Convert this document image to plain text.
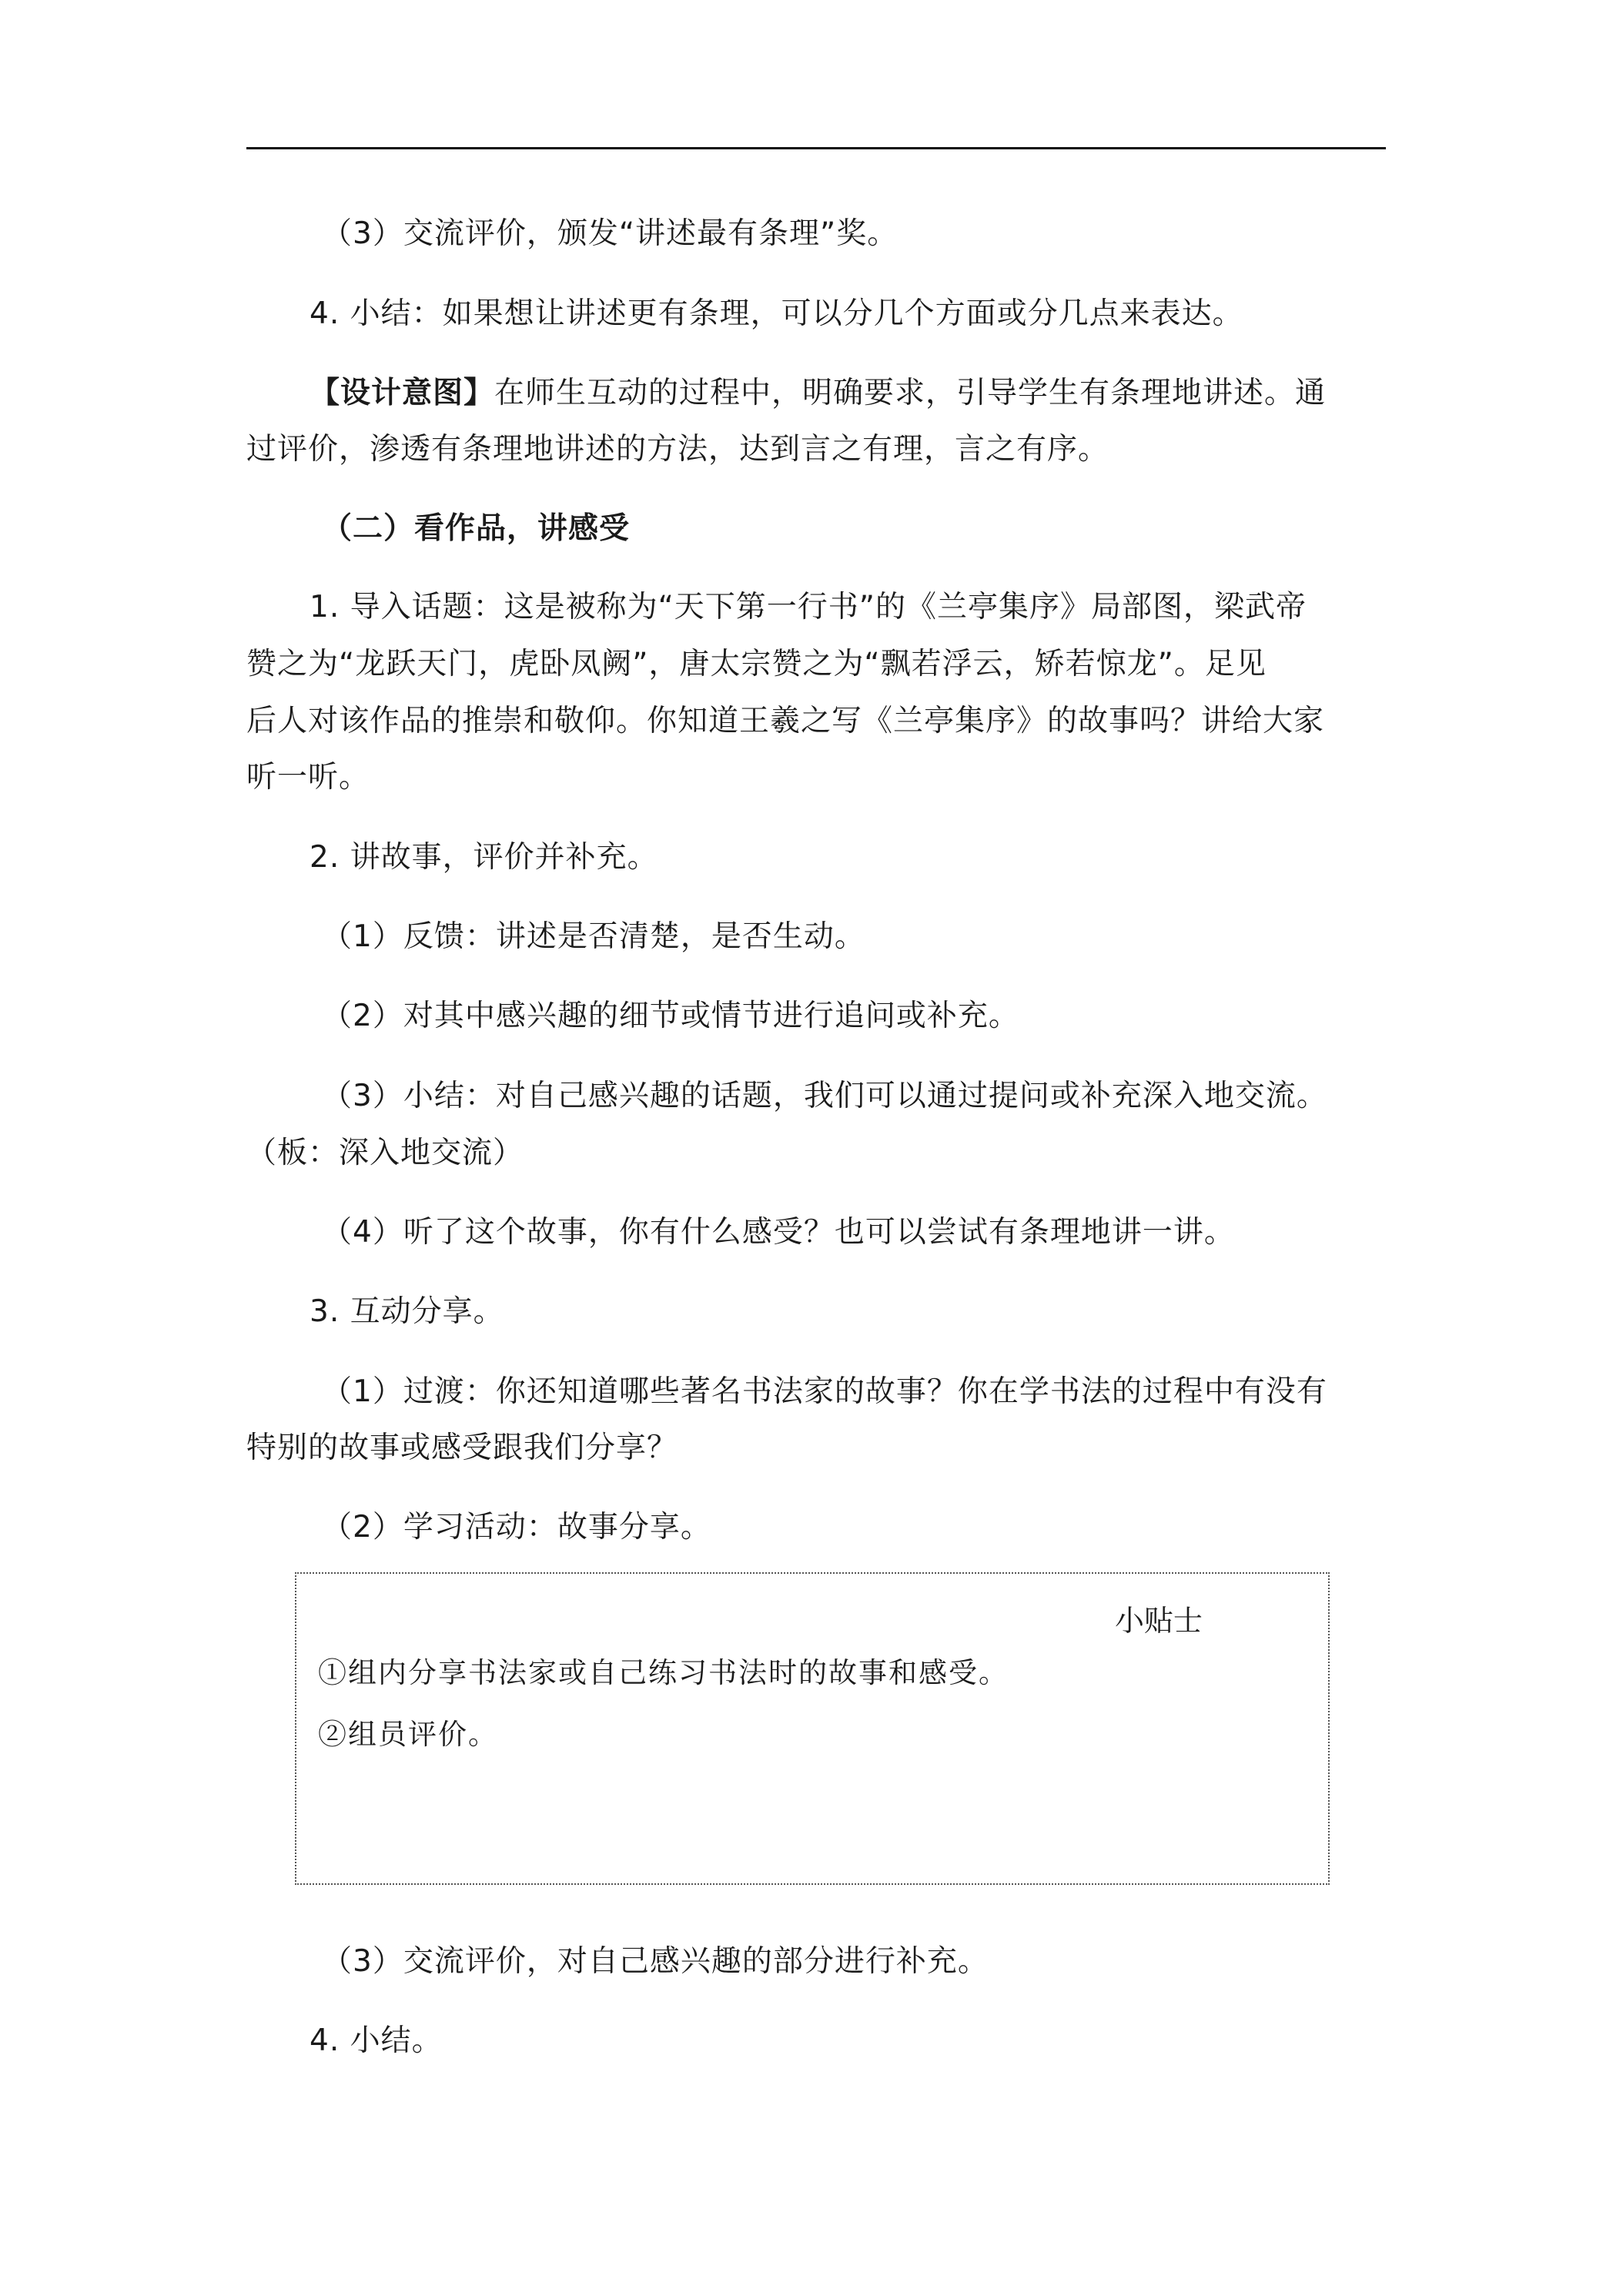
（3）交流评价，颁发“讲述最有条理”奖。

4. 小结：如果想让讲述更有条理，可以分几个方面或分几点来表达。

【设计意图】在师生互动的过程中，明确要求，引导学生有条理地讲述。通

过评价，渗透有条理地讲述的方法，达到言之有理，言之有序。

（二）看作品，讲感受

1. 导入话题：这是被称为“天下第一行书”的《兰亭集序》局部图，梁武帝

赞之为“龙跃天门，虎卧凤阙”，唐太宗赞之为“飘若浮云，矫若惊龙”。足见

后人对该作品的推崇和敬仰。你知道王羲之写《兰亭集序》的故事吗？讲给大家

听一听。

2. 讲故事，评价并补充。

（1）反馈：讲述是否清楚，是否生动。

（2）对其中感兴趣的细节或情节进行追问或补充。

（3）小结：对自己感兴趣的话题，我们可以通过提问或补充深入地交流。

（板：深入地交流）

（4）听了这个故事，你有什么感受？也可以尝试有条理地讲一讲。

3. 互动分享。

（1）过渡：你还知道哪些著名书法家的故事？你在学书法的过程中有没有

特别的故事或感受跟我们分享？

（2）学习活动：故事分享。

小贴士
①组内分享书法家或自己练习书法时的故事和感受。
②组员评价。

（3）交流评价，对自己感兴趣的部分进行补充。

4. 小结。
